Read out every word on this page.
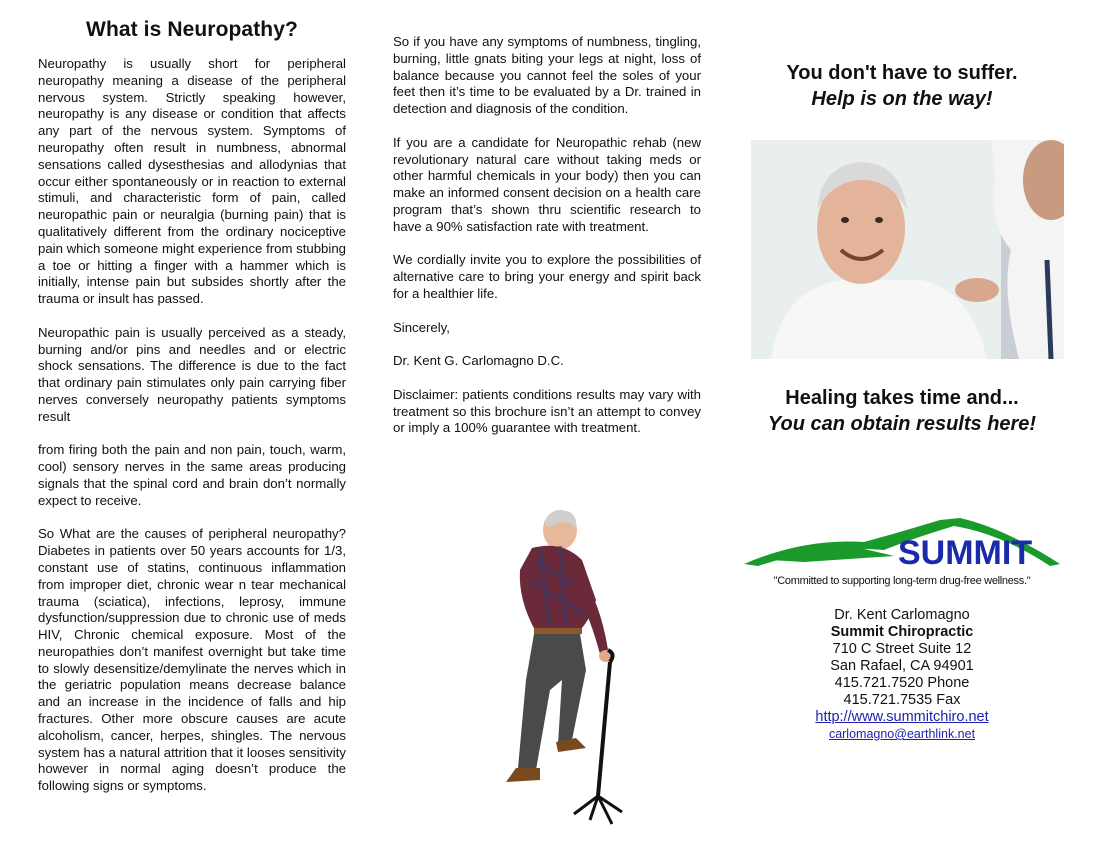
What is Neuropathy?

Neuropathy is usually short for peripheral neuropathy meaning a disease of the peripheral nervous system. Strictly speaking however, neuropathy is any disease or condition that affects any part of the nervous system. Symptoms of neuropathy often result in numbness, abnormal sensations called dysesthesias and allodynias that occur either spontaneously or in reaction to external stimuli, and characteristic form of pain, called neuropathic pain or neuralgia (burning pain) that is qualitatively different from the ordinary nociceptive pain which someone might experience from stubbing a toe or hitting a finger with a hammer which is initially, intense pain but subsides shortly after the trauma or insult has passed.

Neuropathic pain is usually perceived as a steady, burning and/or pins and needles and or electric shock sensations. The difference is due to the fact that ordinary pain stimulates only pain carrying fiber nerves conversely neuropathy patients symptoms result

from firing both the pain and non pain, touch, warm, cool) sensory nerves in the same areas producing signals that the spinal cord and brain don’t normally expect to receive.

So What are the causes of peripheral neuropathy? Diabetes in patients over 50 years accounts for 1/3, constant use of statins, continuous inflammation from improper diet, chronic wear n tear mechanical trauma (sciatica), infections, leprosy, immune dysfunction/suppression due to chronic use of meds HIV, Chronic chemical exposure. Most of the neuropathies don’t manifest overnight but take time to slowly desensitize/demylinate the nerves which in the geriatric population means decrease balance and an increase in the incidence of falls and hip fractures. Other more obscure causes are acute alcoholism, cancer, herpes, shingles. The nervous system has a natural attrition that it looses sensitivity however in normal aging doesn’t produce the following signs or symptoms.

So if you have any symptoms of numbness, tingling, burning, little gnats biting your legs at night, loss of balance because you cannot feel the soles of your feet then it’s time to be evaluated by a Dr. trained in detection and diagnosis of the condition.

If you are a candidate for Neuropathic rehab (new revolutionary natural care without taking meds or other harmful chemicals in your body) then you can make an informed consent decision on a health care program that’s shown thru scientific research to have a 90% satisfaction rate with treatment.

We cordially invite you to explore the possibilities of alternative care to bring your energy and spirit back for a healthier life.

Sincerely,

Dr. Kent G. Carlomagno D.C.

Disclaimer: patients conditions results may vary with treatment so this brochure isn’t an attempt to convey or imply a 100% guarantee with treatment.

You don't have to suffer.
Help is on the way!

Healing takes time and...
You can obtain results here!

SUMMIT
"Committed to supporting long-term drug-free wellness."
Dr. Kent Carlomagno
Summit Chiropractic
710 C Street Suite 12
San Rafael, CA 94901
415.721.7520 Phone
415.721.7535 Fax
http://www.summitchiro.net
carlomagno@earthlink.net
